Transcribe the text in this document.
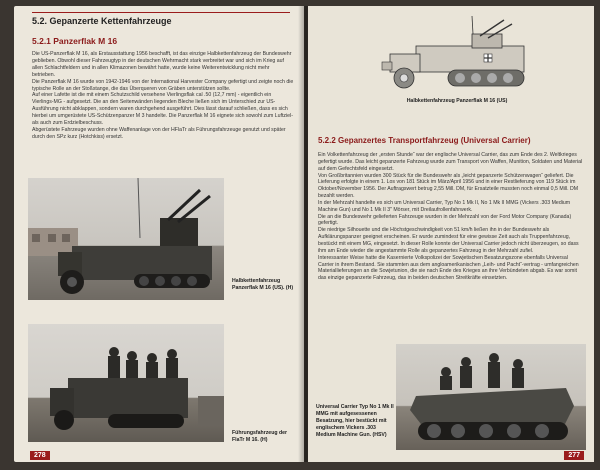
5.2. Gepanzerte Kettenfahrzeuge
5.2.1 Panzerflak M 16

Die US-Panzerflak M 16, als Erstausstattung 1956 beschafft, ist das einzige Halbkettenfahrzeug der Bundeswehr geblieben. Obwohl dieser Fahrzeugtyp in der deutschen Wehrmacht stark verbreitet war und sich im Krieg auf allen Schlachtfeldern und in allen Klimazonen bewährt hatte, wurde keine Weiterentwicklung nicht mehr betrieben.

Die Panzerflak M 16 wurde von 1942-1946 von der International Harvester Company gefertigt und zeigte noch die typische Rolle an der Stoßstange, die das Überqueren von Gräben unterstützen sollte.

Auf einer Lafette ist die mit einem Schutzschild versehene Vierlingsflak cal .50 (12,7 mm) - eigentlich ein Vierlings-MG - aufgesetzt. Die an den Seitenwänden liegenden Bleche ließen sich im Unterschied zur US-Ausführung nicht abklappen, sondern waren durchgehend ausgeführt. Dies lässt darauf schließen, dass es sich hierbei um umgerüstete US-Schützenpanzer M 3 handelte. Die Panzerflak M 16 eignete sich sowohl zum Luftziel- als auch zum Erdzielbeschuss.

Abgerüstete Fahrzeuge wurden ohne Waffenanlage von der HFlaTr als Führungsfahrzeuge genutzt und später durch den SPz kurz (Hotchkiss) ersetzt.

Halbkettenfahrzeug Panzerflak M 16 (US). (H)
Führungsfahrzeug der FlaTr M 16. (H)
278
Halbkettenfahrzeug Panzerflak M 16 (US)
5.2.2 Gepanzertes Transportfahrzeug (Universal Carrier)

Ein Volkettenfahrzeug der „ersten Stunde“ war der englische Universal Carrier, das zum Ende des 2. Weltkrieges gefertigt wurde. Das leicht gepanzerte Fahrzeug wurde zum Transport von Waffen, Munition, Soldaten und Material auf dem Gefechtsfeld eingesetzt.

Von Großbritannien wurden 300 Stück für die Bundeswehr als „leicht gepanzerte Schützenwagen“ geliefert. Die Lieferung erfolgte in einem 1. Los von 181 Stück im März/April 1956 und in einer Restlieferung von 119 Stück im Oktober/November 1956. Der Auftragswert betrug 2,55 Mill. DM, für Ersatzteile mussten noch einmal 0,5 Mill. DM bezahlt werden.

In der Mehrzahl handelte es sich um Universal Carrier, Typ No 1 Mk II, No 1 Mk II MMG (Vickers .303 Medium Machine Gun) und No 1 Mk II 3" Mörser, mit Dreilaufrollenfahrwerk.

Die an die Bundeswehr gelieferten Fahrzeuge wurden in der Mehrzahl von der Ford Motor Company (Kanada) gefertigt.

Die niedrige Silhouette und die Höchstgeschwindigkeit von 51 km/h ließen ihn in der Bundeswehr als Aufklärungspanzer geeignet erscheinen. Er wurde zumindest für eine gewisse Zeit auch als Truppenfahrzeug, bestückt mit einem MG, eingesetzt. In dieser Rolle konnte der Universal Carrier jedoch nicht überzeugen, so dass ihm am Ende wieder die angestammte Rolle als gepanzertes Fahrzeug in der Mehrzahl zufiel.

Interessanter Weise hatte die Kasernierte Volkspolizei der Sowjetischen Besatzungszone ebenfalls Universal Carrier in ihrem Bestand. Sie stammten aus dem angloamerikanischen „Leih- und Pacht“-vertrag - umfangreichen Materiallieferungen an die Sowjetunion, die sie nach Ende des Krieges an ihre Verbündeten abgab. Es war somit das einzige gepanzerte Fahrzeug, das in beiden deutschen Streitkräfte einsetzten.

Universal Carrier Typ No 1 Mk II MMG mit aufgesessenen Besatzung, hier bestückt mit englischem Vickers .303 Medium Machine Gun. (HSV)
277
